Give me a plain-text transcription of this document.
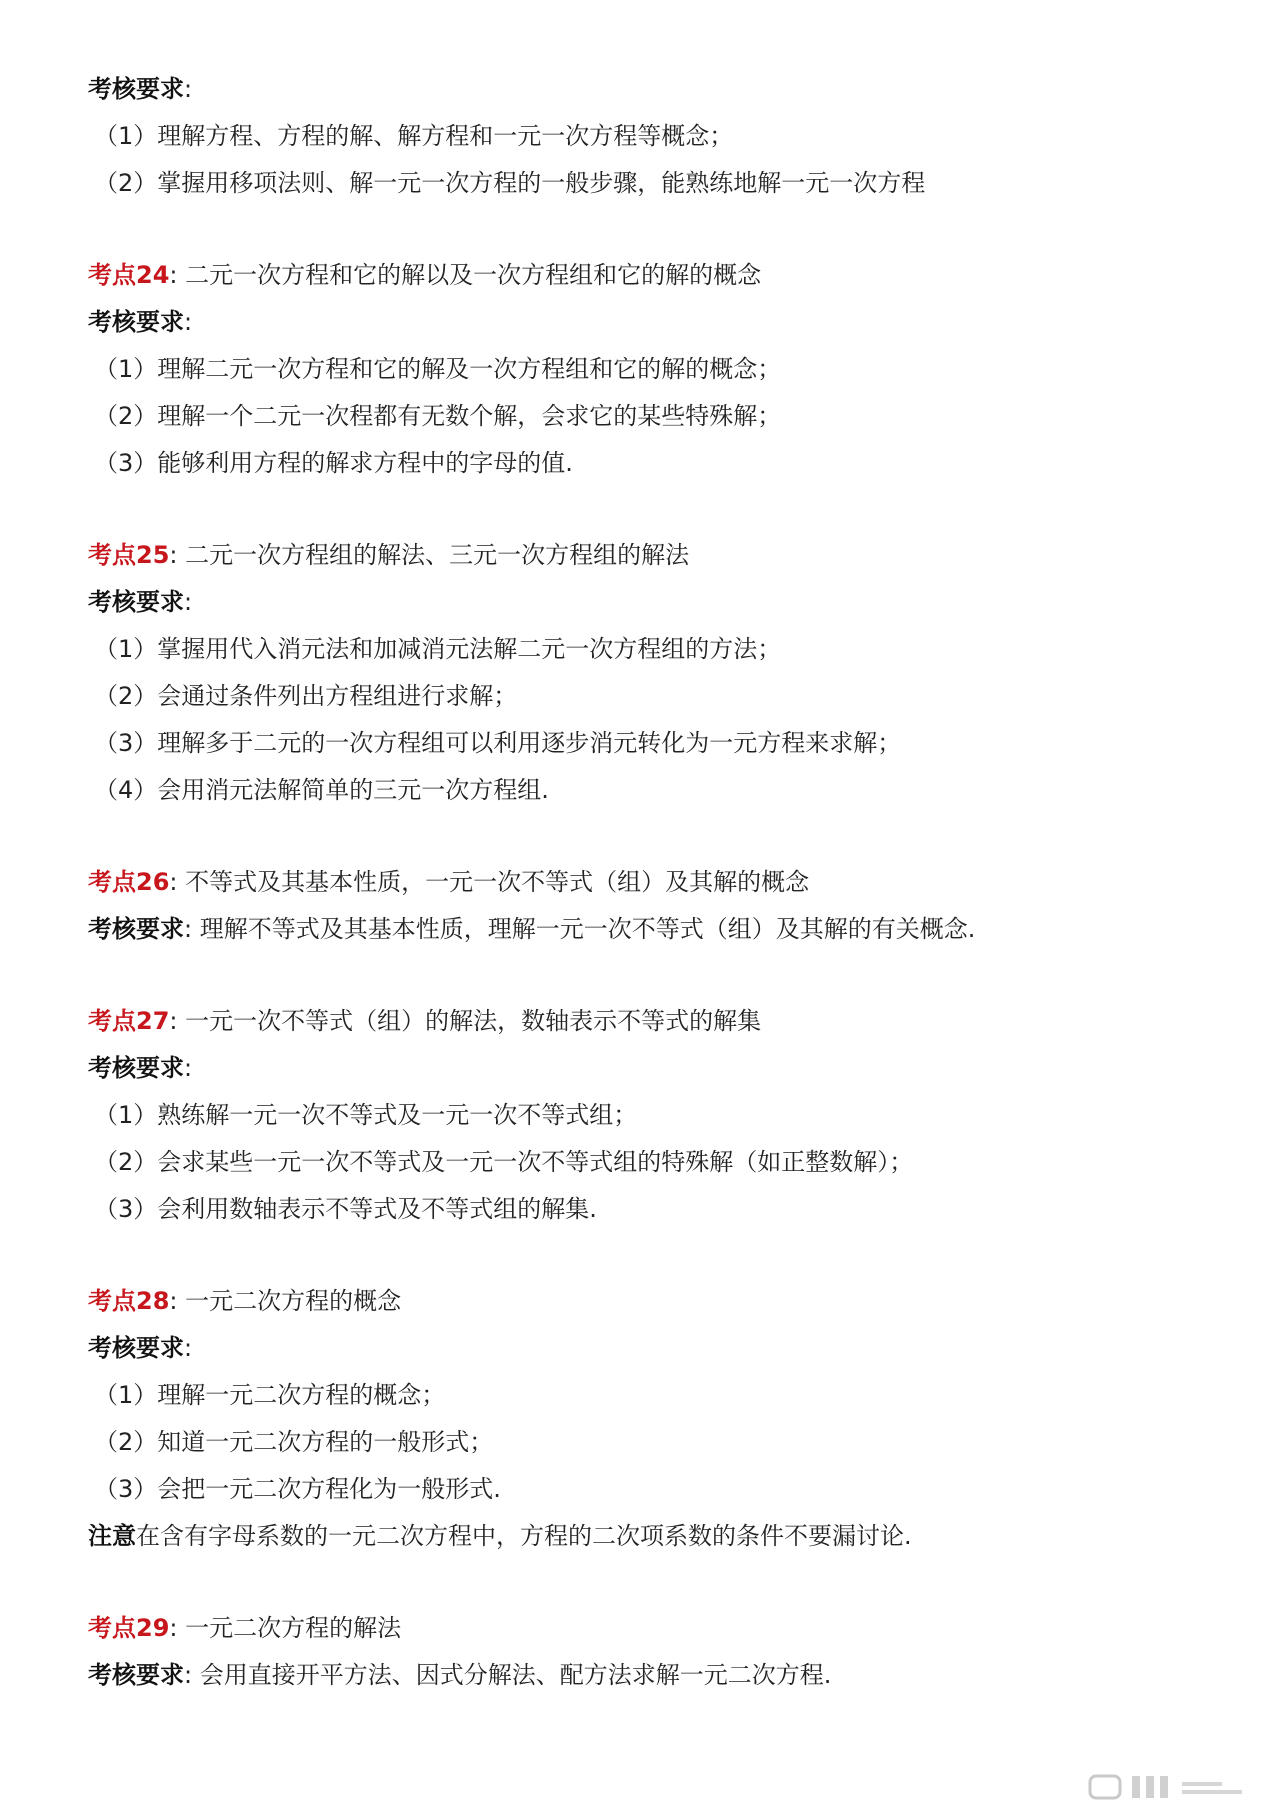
考核要求:
（1）理解方程、方程的解、解方程和一元一次方程等概念；
（2）掌握用移项法则、解一元一次方程的一般步骤，能熟练地解一元一次方程
考点24: 二元一次方程和它的解以及一次方程组和它的解的概念
考核要求:
（1）理解二元一次方程和它的解及一次方程组和它的解的概念；
（2）理解一个二元一次程都有无数个解，会求它的某些特殊解；
（3）能够利用方程的解求方程中的字母的值.
考点25: 二元一次方程组的解法、三元一次方程组的解法
考核要求:
（1）掌握用代入消元法和加减消元法解二元一次方程组的方法；
（2）会通过条件列出方程组进行求解；
（3）理解多于二元的一次方程组可以利用逐步消元转化为一元方程来求解；
（4）会用消元法解简单的三元一次方程组.
考点26: 不等式及其基本性质，一元一次不等式（组）及其解的概念
考核要求: 理解不等式及其基本性质，理解一元一次不等式（组）及其解的有关概念.
考点27: 一元一次不等式（组）的解法，数轴表示不等式的解集
考核要求:
（1）熟练解一元一次不等式及一元一次不等式组；
（2）会求某些一元一次不等式及一元一次不等式组的特殊解（如正整数解）；
（3）会利用数轴表示不等式及不等式组的解集.
考点28: 一元二次方程的概念
考核要求:
（1）理解一元二次方程的概念；
（2）知道一元二次方程的一般形式；
（3）会把一元二次方程化为一般形式.
注意在含有字母系数的一元二次方程中，方程的二次项系数的条件不要漏讨论.
考点29: 一元二次方程的解法
考核要求: 会用直接开平方法、因式分解法、配方法求解一元二次方程.
